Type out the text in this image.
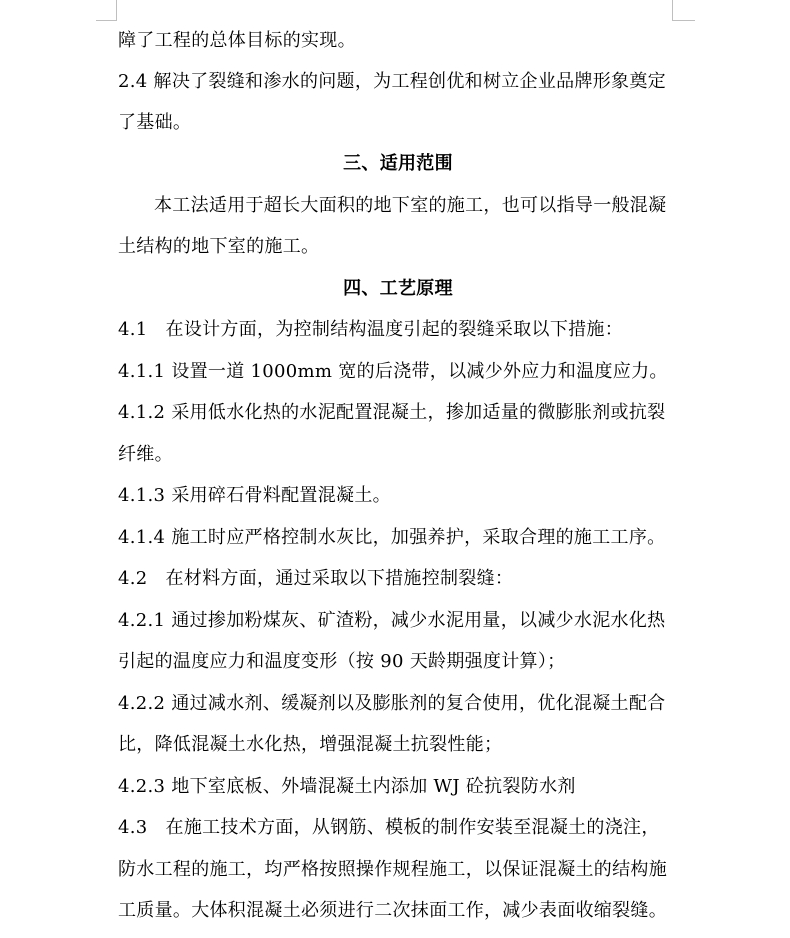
障了工程的总体目标的实现。
2.4 解决了裂缝和渗水的问题，为工程创优和树立企业品牌形象奠定
了基础。
三、适用范围
本工法适用于超长大面积的地下室的施工，也可以指导一般混凝
土结构的地下室的施工。
四、工艺原理
4.1 在设计方面，为控制结构温度引起的裂缝采取以下措施：
4.1.1 设置一道 1000mm 宽的后浇带，以减少外应力和温度应力。
4.1.2 采用低水化热的水泥配置混凝土，掺加适量的微膨胀剂或抗裂
纤维。
4.1.3 采用碎石骨料配置混凝土。
4.1.4 施工时应严格控制水灰比，加强养护，采取合理的施工工序。
4.2 在材料方面，通过采取以下措施控制裂缝：
4.2.1 通过掺加粉煤灰、矿渣粉，减少水泥用量，以减少水泥水化热
引起的温度应力和温度变形（按 90 天龄期强度计算）；
4.2.2 通过减水剂、缓凝剂以及膨胀剂的复合使用，优化混凝土配合
比，降低混凝土水化热，增强混凝土抗裂性能；
4.2.3 地下室底板、外墙混凝土内添加 WJ 砼抗裂防水剂
4.3 在施工技术方面，从钢筋、模板的制作安装至混凝土的浇注，
防水工程的施工，均严格按照操作规程施工，以保证混凝土的结构施
工质量。大体积混凝土必须进行二次抹面工作，减少表面收缩裂缝。
